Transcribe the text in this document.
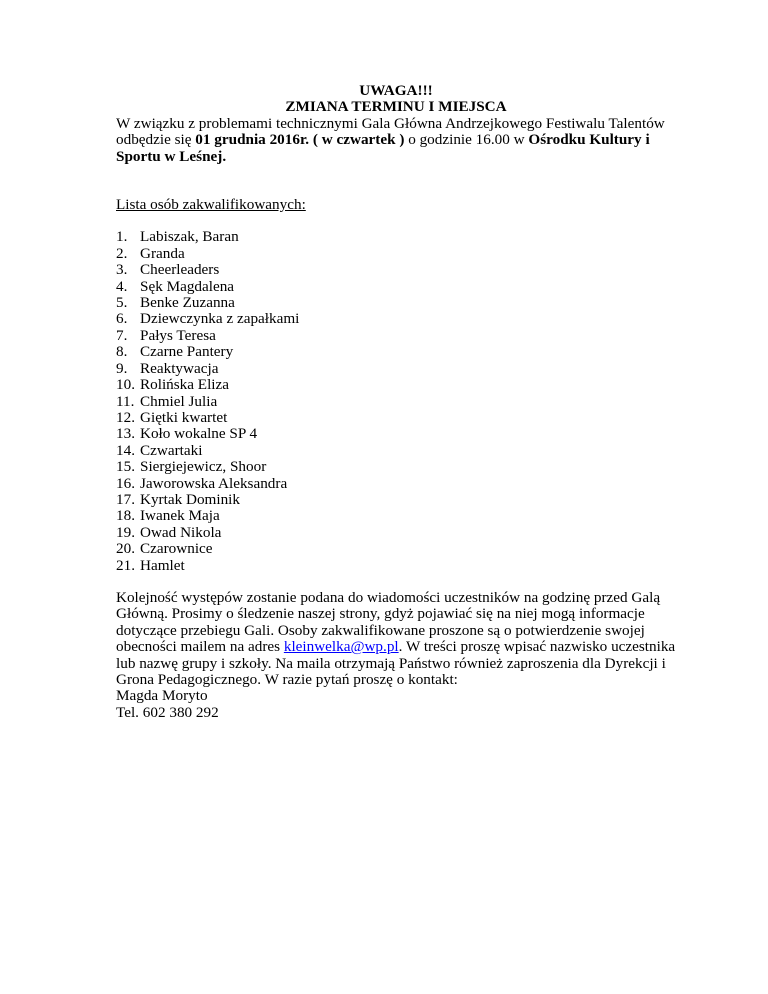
UWAGA!!!

ZMIANA TERMINU I MIEJSCA

W związku z problemami technicznymi Gala Główna Andrzejkowego Festiwalu Talentów odbędzie się 01 grudnia 2016r. ( w czwartek ) o godzinie 16.00 w Ośrodku Kultury i Sportu w Leśnej.

Lista osób zakwalifikowanych:

1. Labiszak, Baran
2. Granda
3. Cheerleaders
4. Sęk Magdalena
5. Benke Zuzanna
6. Dziewczynka z zapałkami
7. Pałys Teresa
8. Czarne Pantery
9. Reaktywacja
10. Rolińska Eliza
11. Chmiel Julia
12. Giętki kwartet
13. Koło wokalne SP 4
14. Czwartaki
15. Siergiejewicz, Shoor
16. Jaworowska Aleksandra
17. Kyrtak Dominik
18. Iwanek Maja
19. Owad Nikola
20. Czarownice
21. Hamlet

Kolejność występów zostanie podana do wiadomości uczestników na godzinę przed Galą Główną. Prosimy o śledzenie naszej strony, gdyż pojawiać się na niej mogą informacje dotyczące przebiegu Gali. Osoby zakwalifikowane proszone są o potwierdzenie swojej obecności mailem na adres kleinwelka@wp.pl. W treści proszę wpisać nazwisko uczestnika lub nazwę grupy i szkoły. Na maila otrzymają Państwo również zaproszenia dla Dyrekcji i Grona Pedagogicznego. W razie pytań proszę o kontakt:
Magda Moryto
Tel. 602 380 292
